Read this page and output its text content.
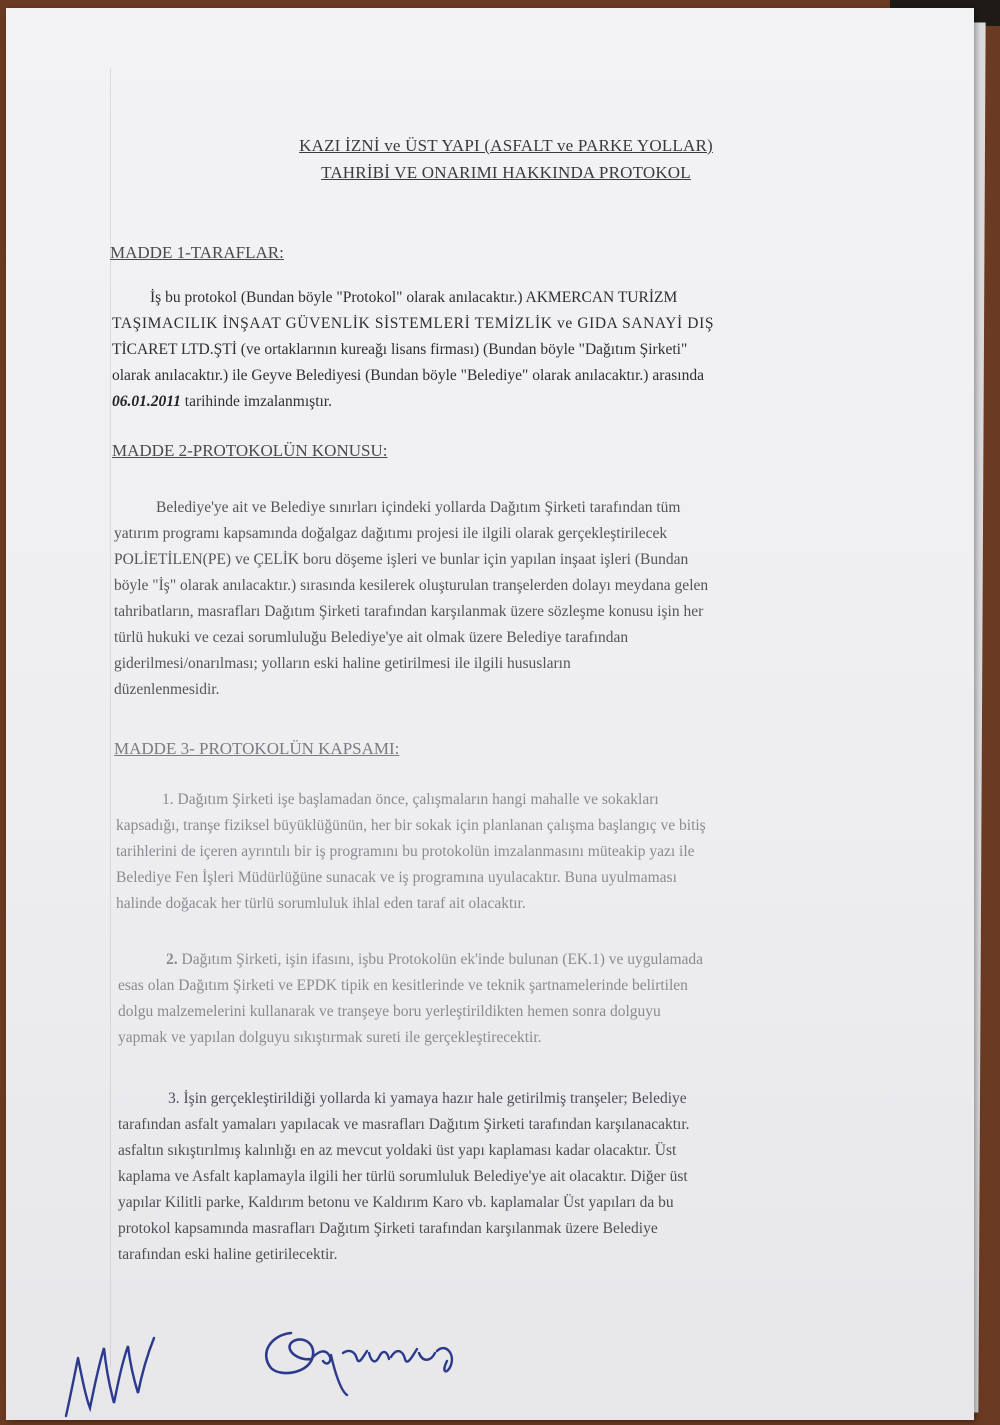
KAZI İZNİ ve ÜST YAPI (ASFALT ve PARKE YOLLAR)
TAHRİBİ VE ONARIMI HAKKINDA PROTOKOL
MADDE 1-TARAFLAR:
İş bu protokol (Bundan böyle "Protokol" olarak anılacaktır.) AKMERCAN TURİZM
TAŞIMACILIK İNŞAAT GÜVENLİK SİSTEMLERİ TEMİZLİK ve GIDA SANAYİ DIŞ
TİCARET LTD.ŞTİ (ve ortaklarının kureağı lisans firması) (Bundan böyle "Dağıtım Şirketi"
olarak anılacaktır.) ile Geyve Belediyesi (Bundan böyle "Belediye" olarak anılacaktır.) arasında
06.01.2011 tarihinde imzalanmıştır.
MADDE 2-PROTOKOLÜN KONUSU:
Belediye'ye ait ve Belediye sınırları içindeki yollarda Dağıtım Şirketi tarafından tüm
yatırım programı kapsamında doğalgaz dağıtımı projesi ile ilgili olarak gerçekleştirilecek
POLİETİLEN(PE) ve ÇELİK boru döşeme işleri ve bunlar için yapılan inşaat işleri (Bundan
böyle "İş" olarak anılacaktır.) sırasında kesilerek oluşturulan tranşelerden dolayı meydana gelen
tahribatların, masrafları Dağıtım Şirketi tarafından karşılanmak üzere sözleşme konusu işin her
türlü hukuki ve cezai sorumluluğu Belediye'ye ait olmak üzere Belediye tarafından
giderilmesi/onarılması; yolların eski haline getirilmesi ile ilgili hususların
düzenlenmesidir.
MADDE 3- PROTOKOLÜN KAPSAMI:
1. Dağıtım Şirketi işe başlamadan önce, çalışmaların hangi mahalle ve sokakları
kapsadığı, tranşe fiziksel büyüklüğünün, her bir sokak için planlanan çalışma başlangıç ve bitiş
tarihlerini de içeren ayrıntılı bir iş programını bu protokolün imzalanmasını müteakip yazı ile
Belediye Fen İşleri Müdürlüğüne sunacak ve iş programına uyulacaktır. Buna uyulmaması
halinde doğacak her türlü sorumluluk ihlal eden taraf ait olacaktır.
2. Dağıtım Şirketi, işin ifasını, işbu Protokolün ek'inde bulunan (EK.1) ve uygulamada
esas olan Dağıtım Şirketi ve EPDK tipik en kesitlerinde ve teknik şartnamelerinde belirtilen
dolgu malzemelerini kullanarak ve tranşeye boru yerleştirildikten hemen sonra dolguyu
yapmak ve yapılan dolguyu sıkıştırmak sureti ile gerçekleştirecektir.
3. İşin gerçekleştirildiği yollarda ki yamaya hazır hale getirilmiş tranşeler; Belediye
tarafından asfalt yamaları yapılacak ve masrafları Dağıtım Şirketi tarafından karşılanacaktır.
asfaltın sıkıştırılmış kalınlığı en az mevcut yoldaki üst yapı kaplaması kadar olacaktır. Üst
kaplama ve Asfalt kaplamayla ilgili her türlü sorumluluk Belediye'ye ait olacaktır. Diğer üst
yapılar Kilitli parke, Kaldırım betonu ve Kaldırım Karo vb. kaplamalar Üst yapıları da bu
protokol kapsamında masrafları Dağıtım Şirketi tarafından karşılanmak üzere Belediye
tarafından eski haline getirilecektir.
